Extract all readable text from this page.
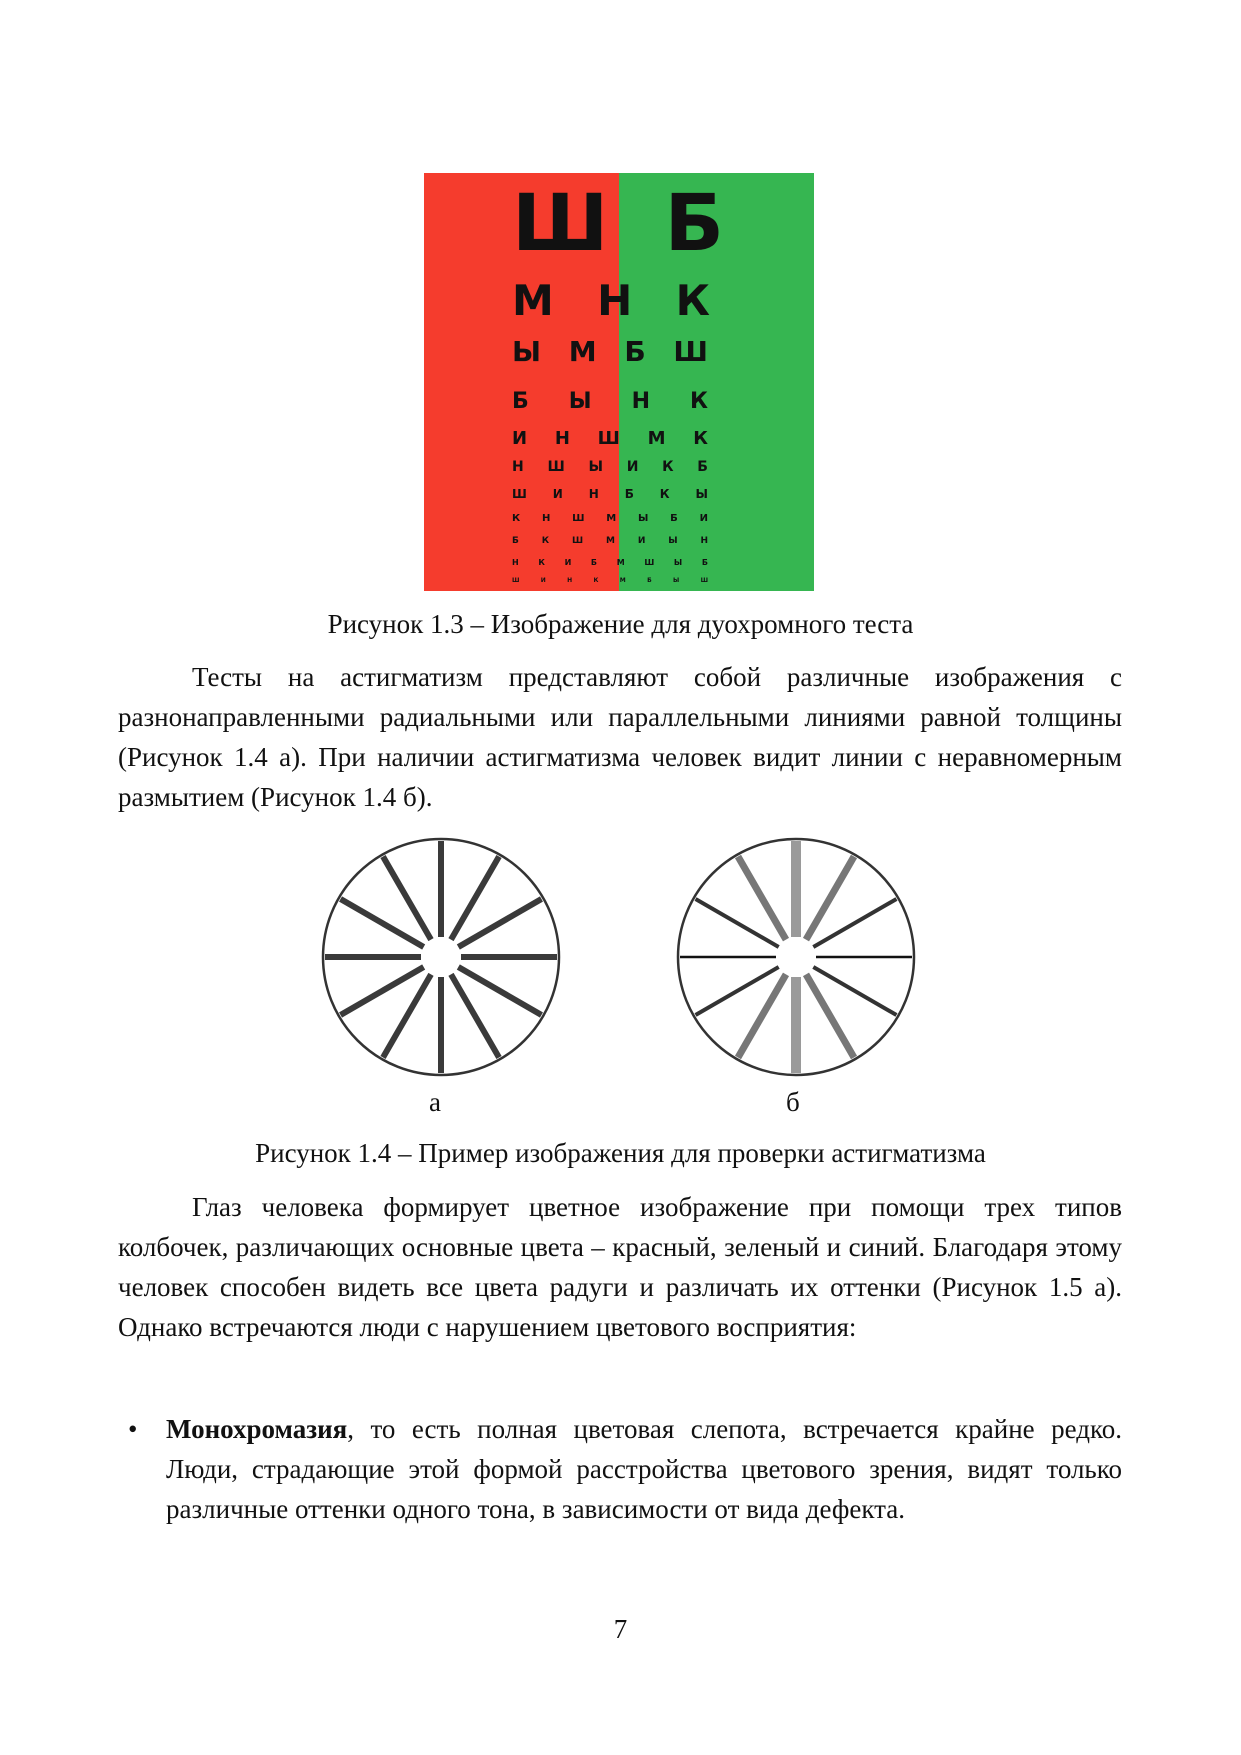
Ш Б
М Н К
Ы М Б Ш
Б Ы Н К
И Н Ш М К
Н Ш Ы И К Б
Ш И Н Б К Ы
К Н Ш М Ы Б И
Б	К	Ш	М	И	Ы	Н
Н К И Б М Ш Ы Б
Ш	И	Н	К	М	Б	Ы	Ш
Рисунок 1.3 – Изображение для дуохромного теста

Тесты на астигматизм представляют собой различные изображения с разнонаправленными радиальными или параллельными линиями равной толщины (Рисунок 1.4 а). При наличии астигматизма человек видит линии с неравномерным размытием (Рисунок 1.4 б).

а	б
Рисунок 1.4 – Пример изображения для проверки астигматизма

Глаз человека формирует цветное изображение при помощи трех типов колбочек, различающих основные цвета – красный, зеленый и синий. Благодаря этому человек способен видеть все цвета радуги и различать их оттенки (Рисунок 1.5 а). Однако встречаются люди с нарушением цветового восприятия:

• Монохромазия, то есть полная цветовая слепота, встречается крайне редко. Люди, страдающие этой формой расстройства цветового зрения, видят только различные оттенки одного тона, в зависимости от вида дефекта.

7
